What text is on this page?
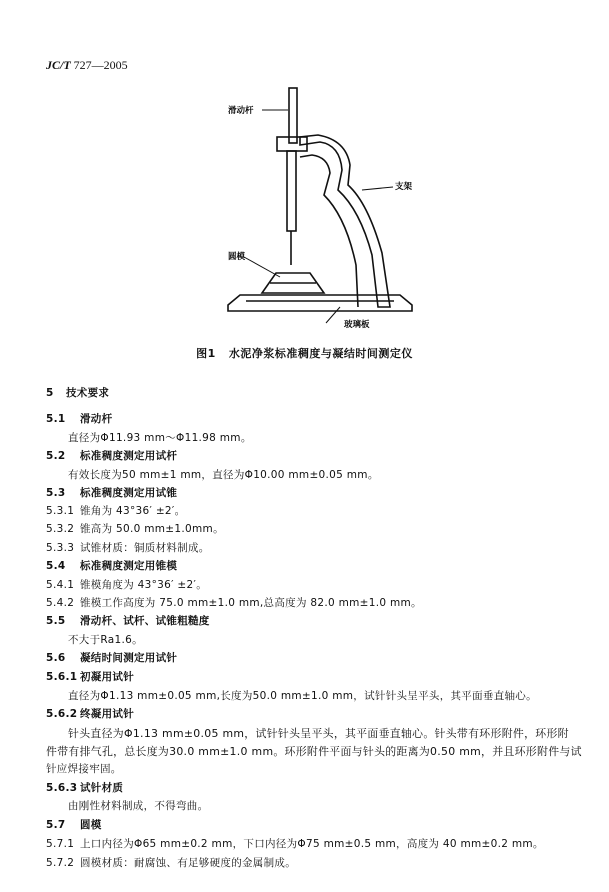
JC/T 727—2005
滑动杆
支架
圆模
玻璃板
图1 水泥净浆标准稠度与凝结时间测定仪
5 技术要求
5.1 滑动杆
直径为Φ11.93 mm～Φ11.98 mm。
5.2 标准稠度测定用试杆
有效长度为50 mm±1 mm，直径为Φ10.00 mm±0.05 mm。
5.3 标准稠度测定用试锥
5.3.1 锥角为 43°36′ ±2′。
5.3.2 锥高为 50.0 mm±1.0mm。
5.3.3 试锥材质：铜质材料制成。
5.4 标准稠度测定用锥模
5.4.1 锥模角度为 43°36′ ±2′。
5.4.2 锥模工作高度为 75.0 mm±1.0 mm,总高度为 82.0 mm±1.0 mm。
5.5 滑动杆、试杆、试锥粗糙度
不大于Ra1.6。
5.6 凝结时间测定用试针
5.6.1 初凝用试针
直径为Φ1.13 mm±0.05 mm,长度为50.0 mm±1.0 mm，试针针头呈平头，其平面垂直轴心。
5.6.2 终凝用试针
针头直径为Φ1.13 mm±0.05 mm，试针针头呈平头，其平面垂直轴心。针头带有环形附件，环形附
件带有排气孔，总长度为30.0 mm±1.0 mm。环形附件平面与针头的距离为0.50 mm，并且环形附件与试
针应焊接牢固。
5.6.3 试针材质
由刚性材料制成，不得弯曲。
5.7 圆模
5.7.1 上口内径为Φ65 mm±0.2 mm，下口内径为Φ75 mm±0.5 mm，高度为 40 mm±0.2 mm。
5.7.2 圆模材质：耐腐蚀、有足够硬度的金属制成。
